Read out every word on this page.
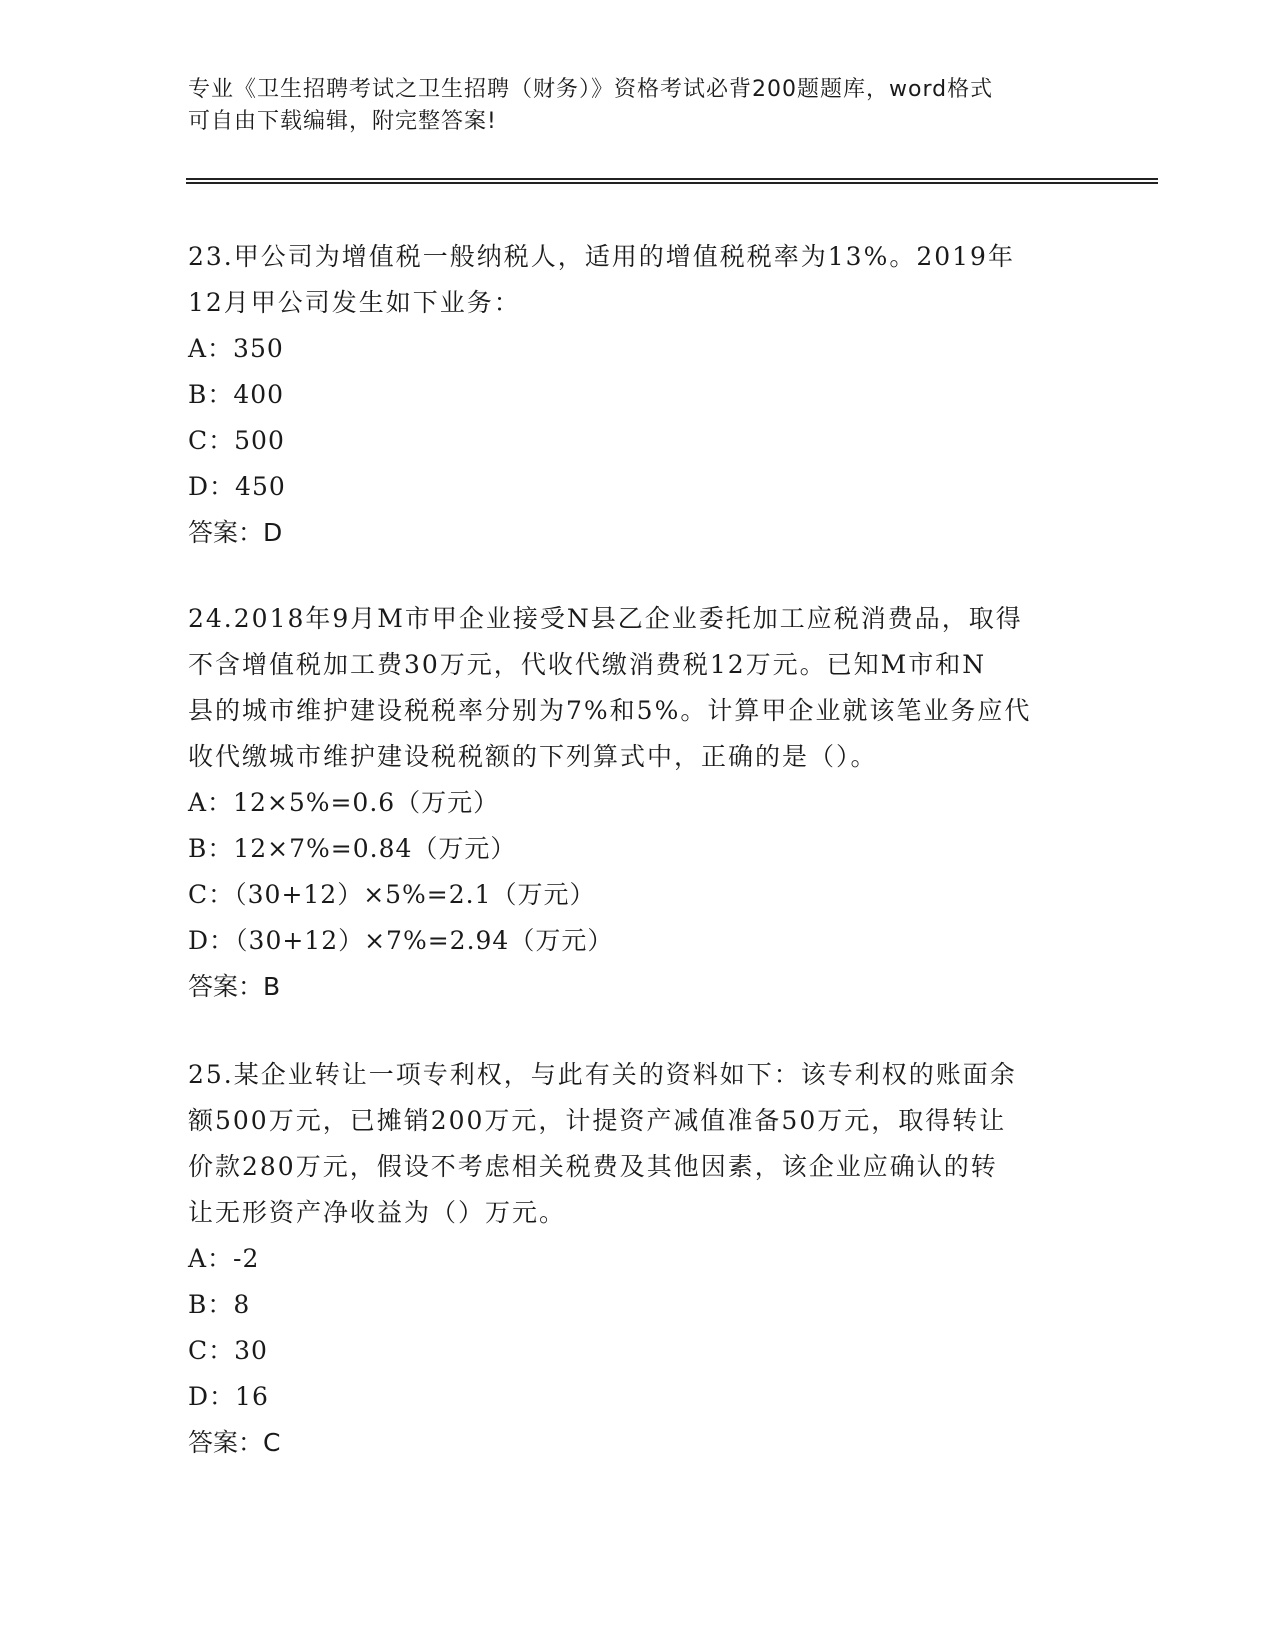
专业《卫生招聘考试之卫生招聘（财务）》资格考试必背200题题库，word格式
可自由下载编辑，附完整答案!
23.甲公司为增值税一般纳税人，适用的增值税税率为13%。2019年
12月甲公司发生如下业务：
A：350
B：400
C：500
D：450
答案：D
24.2018年9月M市甲企业接受N县乙企业委托加工应税消费品，取得
不含增值税加工费30万元，代收代缴消费税12万元。已知M市和N
县的城市维护建设税税率分别为7%和5%。计算甲企业就该笔业务应代
收代缴城市维护建设税税额的下列算式中，正确的是（）。
A：12×5%=0.6（万元）
B：12×7%=0.84（万元）
C：（30+12）×5%=2.1（万元）
D：（30+12）×7%=2.94（万元）
答案：B
25.某企业转让一项专利权，与此有关的资料如下：该专利权的账面余
额500万元，已摊销200万元，计提资产减值准备50万元，取得转让
价款280万元，假设不考虑相关税费及其他因素，该企业应确认的转
让无形资产净收益为（）万元。
A：-2
B：8
C：30
D：16
答案：C
